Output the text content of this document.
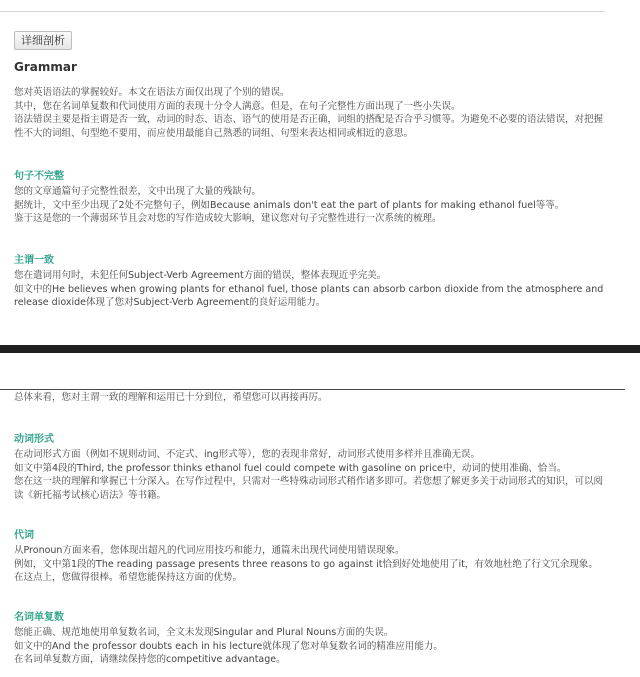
详细剖析
Grammar

您对英语语法的掌握较好。本文在语法方面仅出现了个别的错误。

其中，您在名词单复数和代词使用方面的表现十分令人满意。但是，在句子完整性方面出现了一些小失误。

语法错误主要是指主谓是否一致，动词的时态、语态、语气的使用是否正确，词组的搭配是否合乎习惯等。为避免不必要的语法错误，对把握

性不大的词组、句型绝不要用，而应使用最能自己熟悉的词组、句型来表达相同或相近的意思。

句子不完整

您的文章通篇句子完整性很差，文中出现了大量的残缺句。

据统计，文中至少出现了2处不完整句子，例如Because animals don't eat the part of plants for making ethanol fuel等等。

鉴于这是您的一个薄弱环节且会对您的写作造成较大影响，建议您对句子完整性进行一次系统的梳理。

主谓一致

您在遣词用句时，未犯任何Subject-Verb Agreement方面的错误，整体表现近乎完美。

如文中的He believes when growing plants for ethanol fuel, those plants can absorb carbon dioxide from the atmosphere and

release dioxide体现了您对Subject-Verb Agreement的良好运用能力。

总体来看，您对主谓一致的理解和运用已十分到位，希望您可以再接再厉。

动词形式

在动词形式方面（例如不规则动词、不定式、ing形式等），您的表现非常好，动词形式使用多样并且准确无误。

如文中第4段的Third, the professor thinks ethanol fuel could compete with gasoline on price中，动词的使用准确、恰当。

您在这一块的理解和掌握已十分深入。在写作过程中，只需对一些特殊动词形式稍作诸多即可。若您想了解更多关于动词形式的知识，可以阅

读《新托福考试核心语法》等书籍。

代词

从Pronoun方面来看，您体现出超凡的代词应用技巧和能力，通篇未出现代词使用错误现象。

例如，文中第1段的The reading passage presents three reasons to go against it恰到好处地使用了it，有效地杜绝了行文冗余现象。

在这点上，您做得很棒。希望您能保持这方面的优势。

名词单复数

您能正确、规范地使用单复数名词，全文未发现Singular and Plural Nouns方面的失误。

如文中的And the professor doubts each in his lecture就体现了您对单复数名词的精准应用能力。

在名词单复数方面，请继续保持您的competitive advantage。
